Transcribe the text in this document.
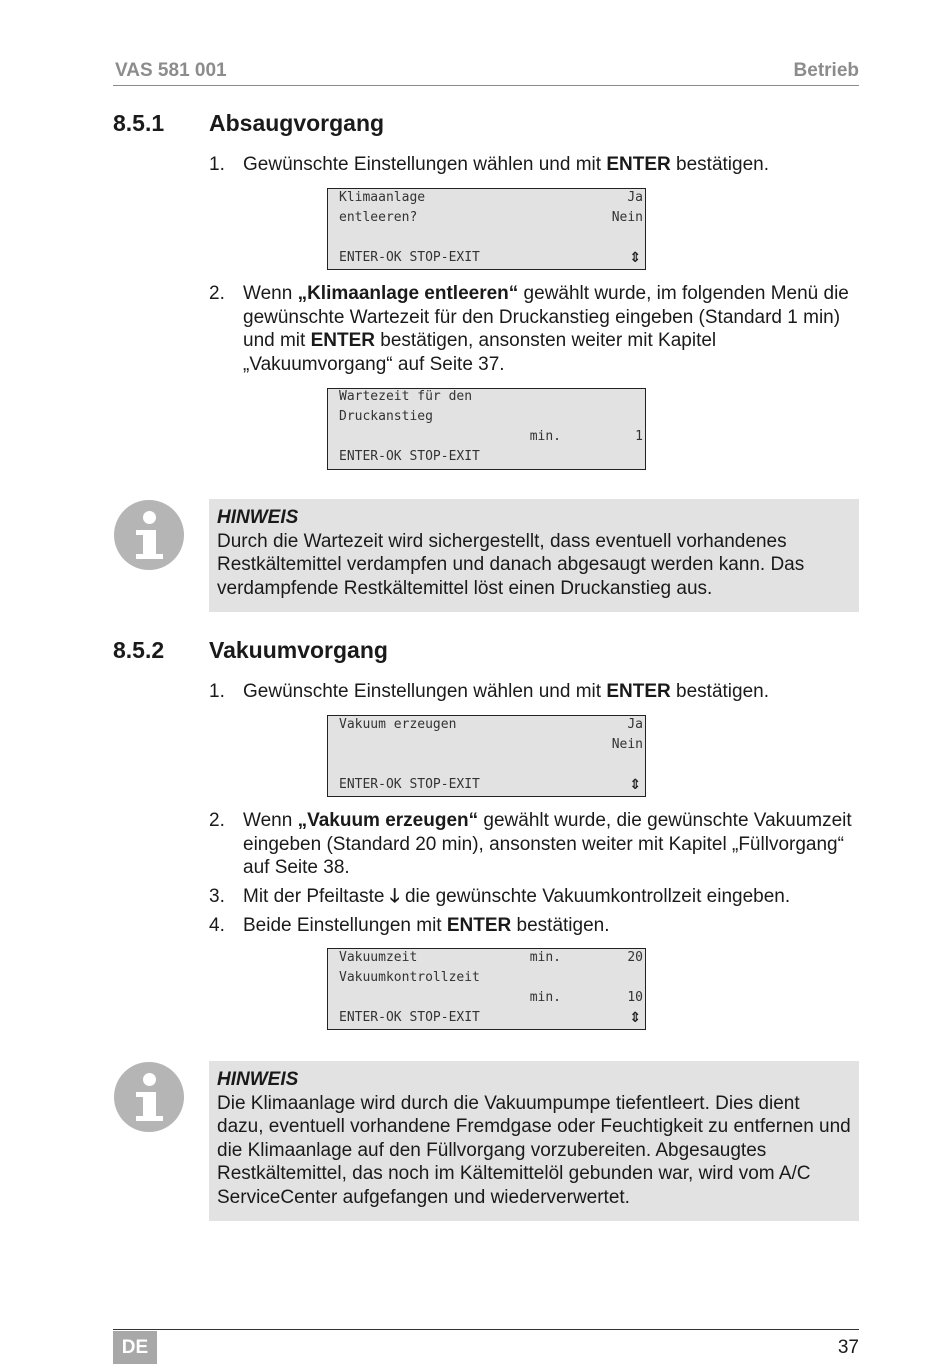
VAS 581 001	Betrieb
8.5.1 Absaugvorgang
1. Gewünschte Einstellungen wählen und mit ENTER bestätigen.
Klimaanlage	Ja
entleeren?	Nein
ENTER-OK STOP-EXIT	⇕
2. Wenn „Klimaanlage entleeren“ gewählt wurde, im folgenden Menü die gewünschte Wartezeit für den Druckanstieg eingeben (Standard 1 min) und mit ENTER bestätigen, ansonsten weiter mit Kapitel „Vakuumvorgang“ auf Seite 37.
Wartezeit für den
Druckanstieg
min.	1
ENTER-OK STOP-EXIT
HINWEIS
Durch die Wartezeit wird sichergestellt, dass eventuell vorhandenes Restkältemittel verdampfen und danach abgesaugt werden kann. Das verdampfende Restkältemittel löst einen Druckanstieg aus.
8.5.2 Vakuumvorgang
1. Gewünschte Einstellungen wählen und mit ENTER bestätigen.
Vakuum erzeugen	Ja
Nein
ENTER-OK STOP-EXIT	⇕
2. Wenn „Vakuum erzeugen“ gewählt wurde, die gewünschte Vakuumzeit eingeben (Standard 20 min), ansonsten weiter mit Kapitel „Füllvorgang“ auf Seite 38.
3. Mit der Pfeiltaste 🡓 die gewünschte Vakuumkontrollzeit eingeben.
4. Beide Einstellungen mit ENTER bestätigen.
Vakuumzeit	min.	20
Vakuumkontrollzeit
min.	10
ENTER-OK STOP-EXIT	⇕
HINWEIS
Die Klimaanlage wird durch die Vakuumpumpe tiefentleert. Dies dient dazu, eventuell vorhandene Fremdgase oder Feuchtigkeit zu entfernen und die Klimaanlage auf den Füllvorgang vorzubereiten. Abgesaugtes Restkältemittel, das noch im Kältemittelöl gebunden war, wird vom A/C ServiceCenter aufgefangen und wiederverwertet.
DE	37
